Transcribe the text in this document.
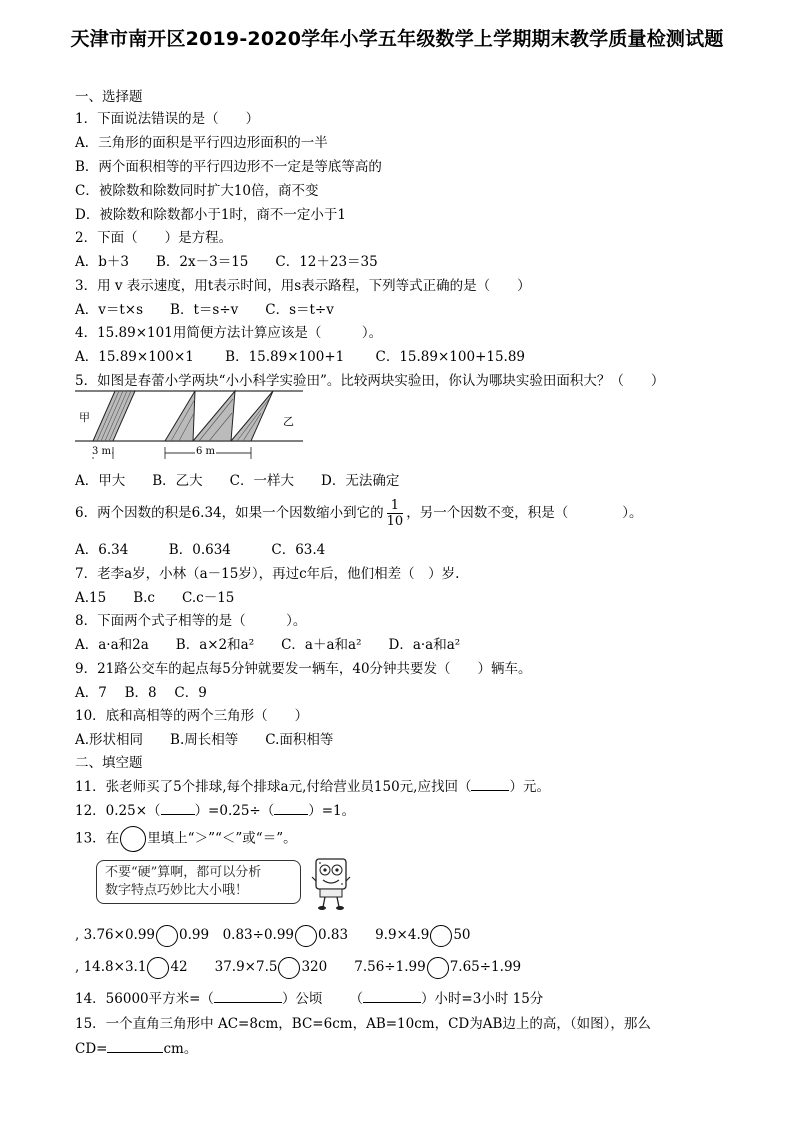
天津市南开区2019-2020学年小学五年级数学上学期期末教学质量检测试题
一、选择题
1．下面说法错误的是（　　）
A．三角形的面积是平行四边形面积的一半
B．两个面积相等的平行四边形不一定是等底等高的
C．被除数和除数同时扩大10倍，商不变
D．被除数和除数都小于1时，商不一定小于1
2．下面（　　）是方程。
A．b＋3　　B．2x－3＝15　　C．12＋23＝35
3．用 v 表示速度，用t表示时间，用s表示路程，下列等式正确的是（　　）
A．v＝t×s　　B．t＝s÷v　　C．s＝t÷v
4．15.89×101用简便方法计算应该是（　　　）。
A．15.89×100×1　　 B．15.89×100+1　　 C．15.89×100+15.89
5．如图是春蕾小学两块“小小科学实验田”。比较两块实验田，你认为哪块实验田面积大？（　　）
甲	乙
3 m	6 m
A．甲大　　B．乙大　　C．一样大　　D．无法确定
6．两个因数的积是6.34，如果一个因数缩小到它的 $\frac{1}{10}$ ，另一个因数不变，积是（　　　　）。
A．6.34　　　B．0.634　　　C．63.4
7．老李a岁，小林（a－15岁），再过c年后，他们相差（　）岁.
A.15　　B.c　　C.c－15
8．下面两个式子相等的是（　　　）。
A．a·a和2a　　B．a×2和a²　　C．a＋a和a²　　D．a·a和a²
9．21路公交车的起点每5分钟就要发一辆车，40分钟共要发（　　）辆车。
A．7　 B．8　 C．9
10．底和高相等的两个三角形（　　）
A.形状相同　　B.周长相等　　C.面积相等
二、填空题
11．张老师买了5个排球,每个排球a元,付给营业员150元,应找回（	）元。
12．0.25×（	）=0.25÷（	）=1。
13．在 里填上“＞”“＜”或“＝”。
不要“硬”算啊，都可以分析
数字特点巧妙比大小哦！
, 3.76×0.99 0.99  0.83÷0.99 0.83   9.9×4.9 50
, 14.8×3.1 42   37.9×7.5 320   7.56÷1.99 7.65÷1.99
14．56000平方米=（	）公顷   （	）小时=3小时 15分
15．一个直角三角形中 AC=8cm，BC=6cm，AB=10cm，CD为AB边上的高，（如图），那么
CD=	cm。
